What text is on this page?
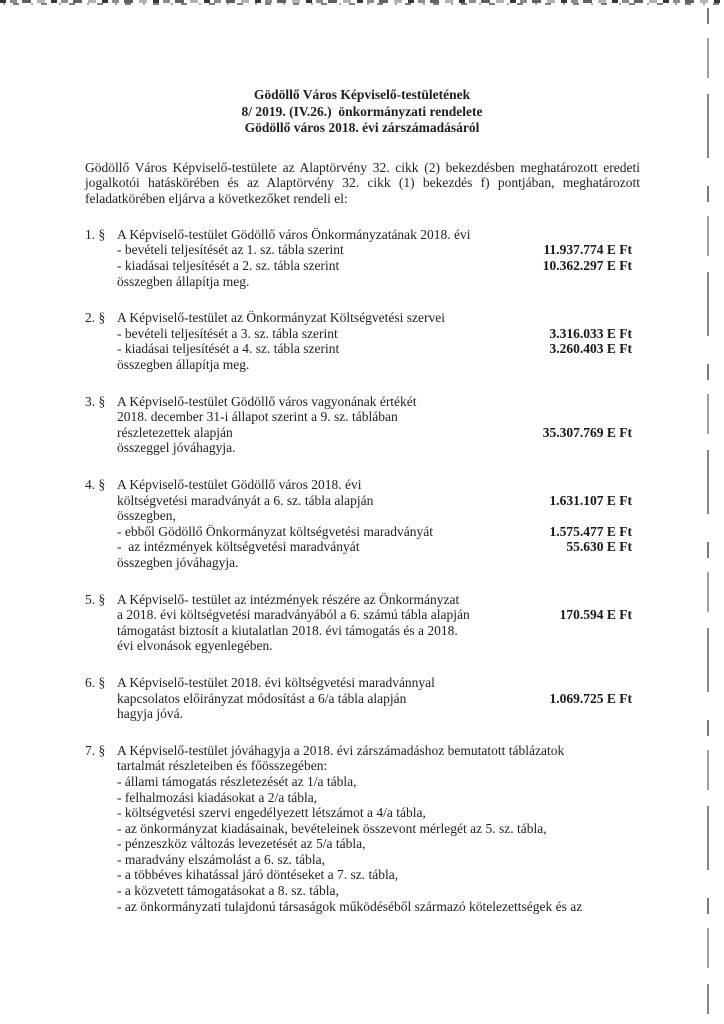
Gödöllő Város Képviselő-testületének
8/ 2019. (IV.26.)  önkormányzati rendelete
Gödöllő város 2018. évi zárszámadásáról

Gödöllő Város Képviselő-testülete az Alaptörvény 32. cikk (2) bekezdésben meghatározott eredeti jogalkotói hatáskörében és az Alaptörvény 32. cikk (1) bekezdés f) pontjában, meghatározott feladatkörében eljárva a következőket rendeli el:

1. § A Képviselő-testület Gödöllő város Önkormányzatának 2018. évi
- bevételi teljesítését az 1. sz. tábla szerint	11.937.774 E Ft
- kiadásai teljesítését a 2. sz. tábla szerint	10.362.297 E Ft
összegben állapítja meg.
2. § A Képviselő-testület az Önkormányzat Költségvetési szervei
- bevételi teljesítését a 3. sz. tábla szerint	3.316.033 E Ft
- kiadásai teljesítését a 4. sz. tábla szerint	3.260.403 E Ft
összegben állapítja meg.
3. § A Képviselő-testület Gödöllő város vagyonának értékét
2018. december 31-i állapot szerint a 9. sz. táblában
részletezettek alapján	35.307.769 E Ft
összeggel jóváhagyja.
4. § A Képviselő-testület Gödöllő város 2018. évi
költségvetési maradványát a 6. sz. tábla alapján	1.631.107 E Ft
összegben,
- ebből Gödöllő Önkormányzat költségvetési maradványát	1.575.477 E Ft
-  az intézmények költségvetési maradványát	55.630 E Ft
összegben jóváhagyja.
5. § A Képviselő- testület az intézmények részére az Önkormányzat
a 2018. évi költségvetési maradványából a 6. számú tábla alapján	170.594 E Ft
támogatást biztosít a kiutalatlan 2018. évi támogatás és a 2018.
évi elvonások egyenlegében.
6. § A Képviselő-testület 2018. évi költségvetési maradvánnyal
kapcsolatos előirányzat módosítást a 6/a tábla alapján	1.069.725 E Ft
hagyja jóvá.
7. § A Képviselő-testület jóváhagyja a 2018. évi zárszámadáshoz bemutatott táblázatok
tartalmát részleteiben és főösszegében:
- állami támogatás részletezését az 1/a tábla,
- felhalmozási kiadásokat a 2/a tábla,
- költségvetési szervi engedélyezett létszámot a 4/a tábla,
- az önkormányzat kiadásainak, bevételeinek összevont mérlegét az 5. sz. tábla,
- pénzeszköz változás levezetését az 5/a tábla,
- maradvány elszámolást a 6. sz. tábla,
- a többéves kihatással járó döntéseket a 7. sz. tábla,
- a közvetett támogatásokat a 8. sz. tábla,
- az önkormányzati tulajdonú társaságok működéséből származó kötelezettségek és az
